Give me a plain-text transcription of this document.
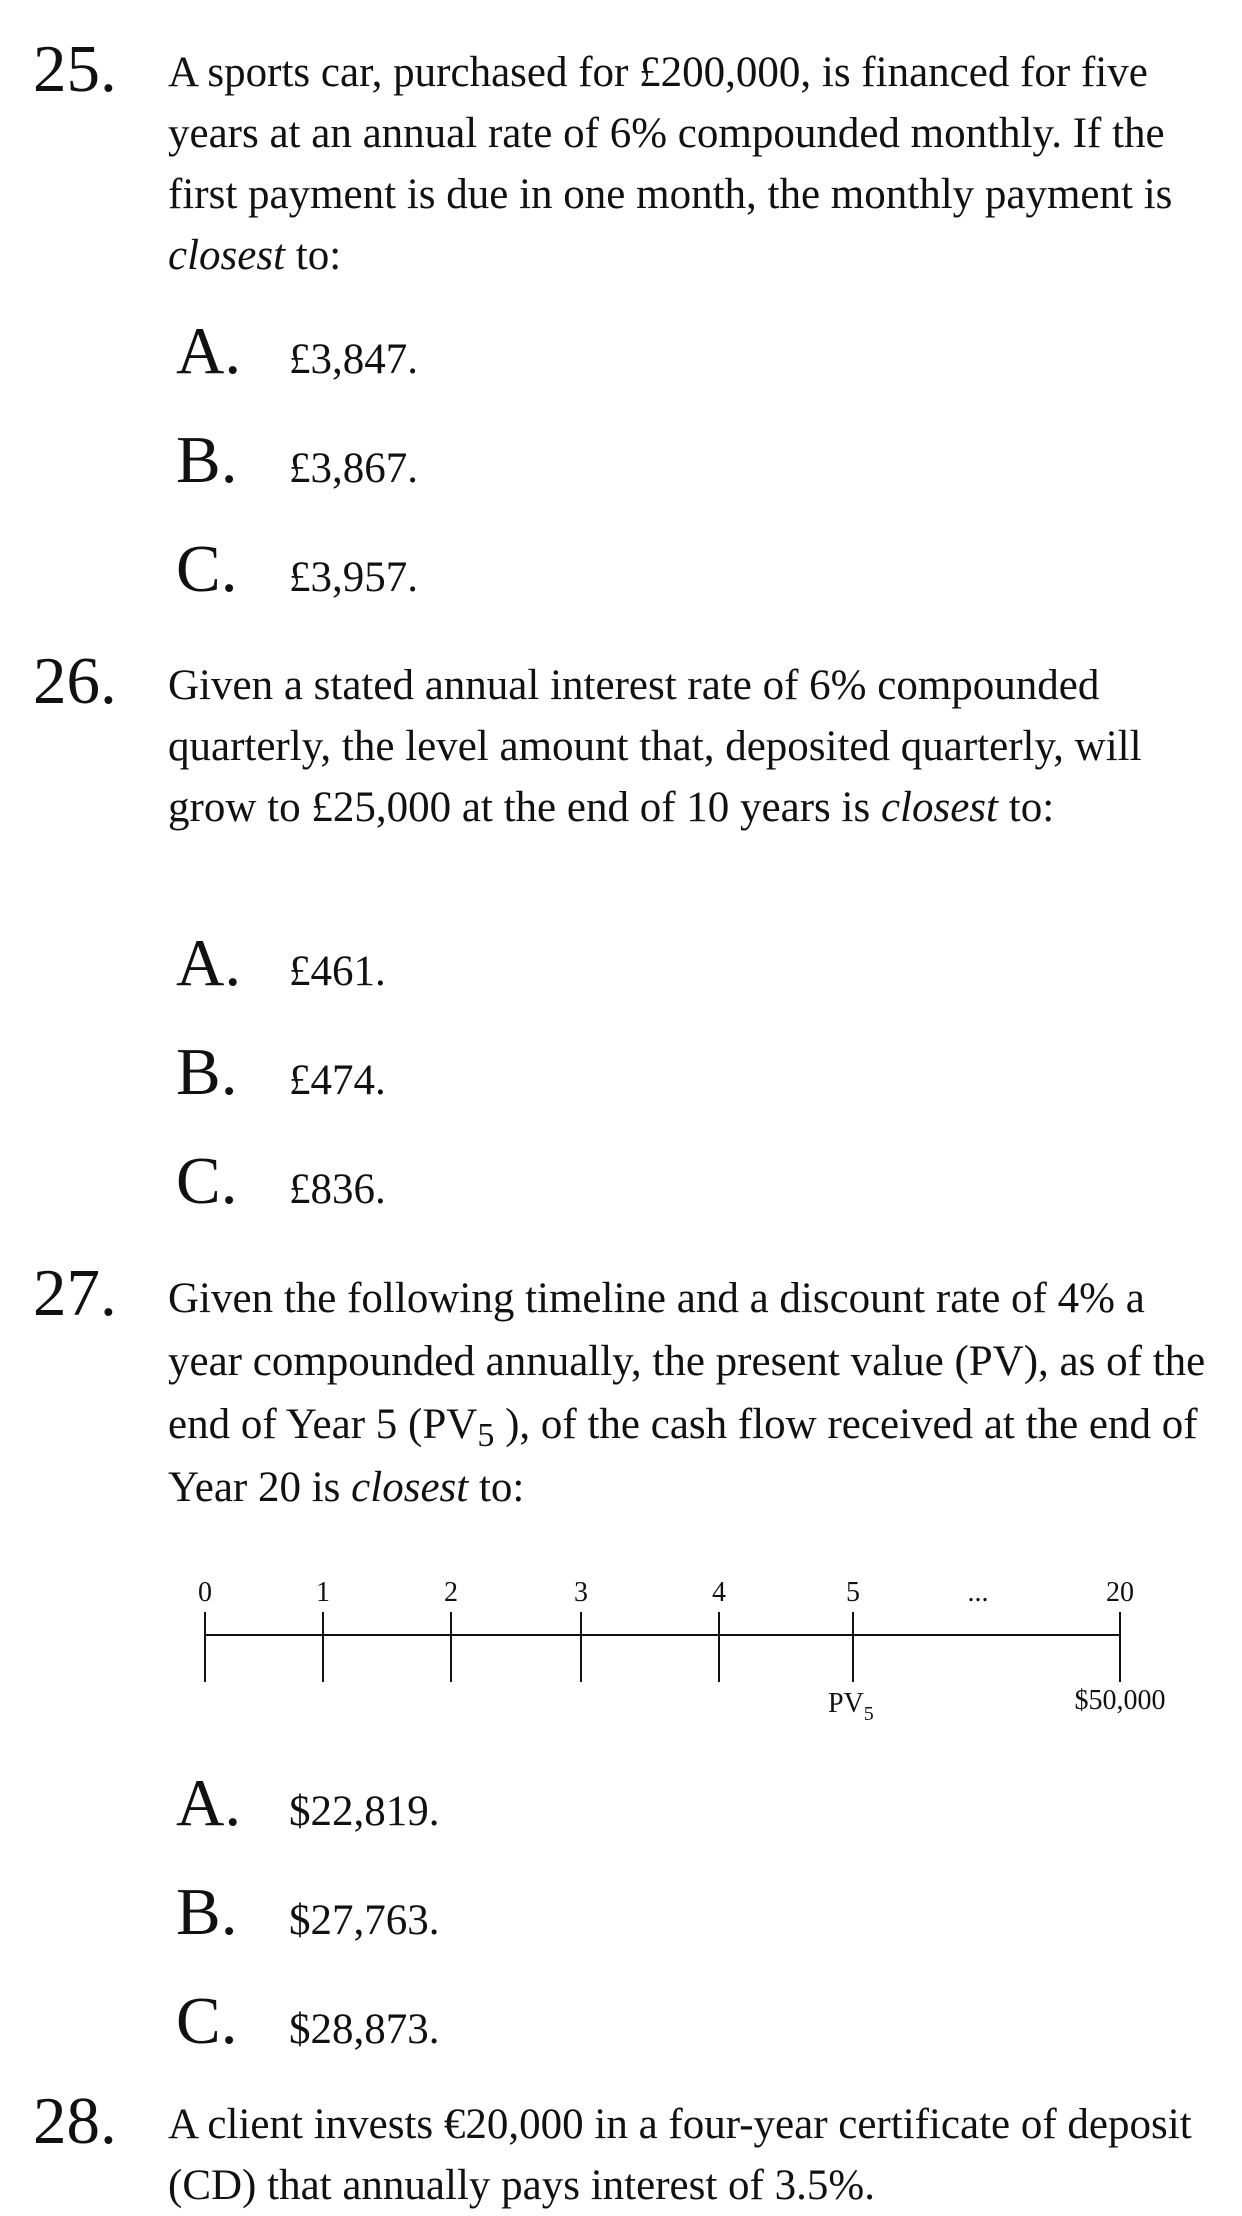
25. A sports car, purchased for £200,000, is financed for five years at an annual rate of 6% compounded monthly. If the first payment is due in one month, the monthly payment is closest to:
A. £3,847.
B. £3,867.
C. £3,957.
26. Given a stated annual interest rate of 6% compounded quarterly, the level amount that, deposited quarterly, will grow to £25,000 at the end of 10 years is closest to:
A. £461.
B. £474.
C. £836.
27. Given the following timeline and a discount rate of 4% a year compounded annually, the present value (PV), as of the end of Year 5 ($PV_5$ ), of the cash flow received at the end of Year 20 is closest to:
0	1	2	3	4	5	...	20
$PV_5$	$50,000
A. $22,819.
B. $27,763.
C. $28,873.
28. A client invests €20,000 in a four-year certificate of deposit (CD) that annually pays interest of 3.5%.
